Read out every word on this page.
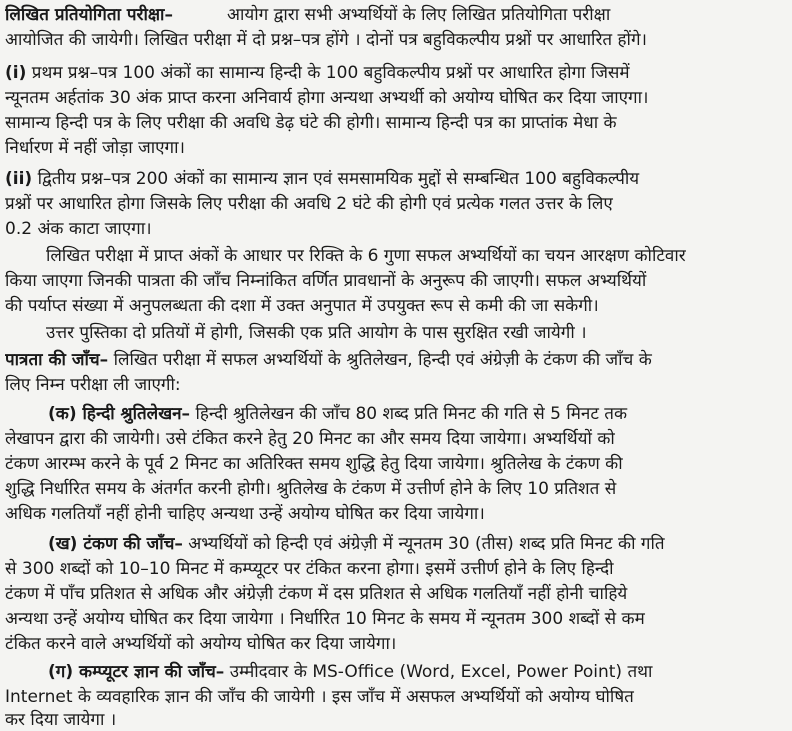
लिखित प्रतियोगिता परीक्षा–	आयोग द्वारा सभी अभ्यर्थियों के लिए लिखित प्रतियोगिता परीक्षा
आयोजित की जायेगी। लिखित परीक्षा में दो प्रश्न–पत्र होंगे । दोनों पत्र बहुविकल्पीय प्रश्नों पर आधारित होंगे।
(i) प्रथम प्रश्न–पत्र 100 अंकों का सामान्य हिन्दी के 100 बहुविकल्पीय प्रश्नों पर आधारित होगा जिसमें
न्यूनतम अर्हतांक 30 अंक प्राप्त करना अनिवार्य होगा अन्यथा अभ्यर्थी को अयोग्य घोषित कर दिया जाएगा।
सामान्य हिन्दी पत्र के लिए परीक्षा की अवधि डेढ़ घंटे की होगी। सामान्य हिन्दी पत्र का प्राप्तांक मेधा के
निर्धारण में नहीं जोड़ा जाएगा।
(ii) द्वितीय प्रश्न–पत्र 200 अंकों का सामान्य ज्ञान एवं समसामयिक मुद्दों से सम्बन्धित 100 बहुविकल्पीय
प्रश्नों पर आधारित होगा जिसके लिए परीक्षा की अवधि 2 घंटे की होगी एवं प्रत्येक गलत उत्तर के लिए
0.2 अंक काटा जाएगा।
लिखित परीक्षा में प्राप्त अंकों के आधार पर रिक्ति के 6 गुणा सफल अभ्यर्थियों का चयन आरक्षण कोटिवार
किया जाएगा जिनकी पात्रता की जाँच निम्नांकित वर्णित प्रावधानों के अनुरूप की जाएगी। सफल अभ्यर्थियों
की पर्याप्त संख्या में अनुपलब्धता की दशा में उक्त अनुपात में उपयुक्त रूप से कमी की जा सकेगी।
उत्तर पुस्तिका दो प्रतियों में होगी, जिसकी एक प्रति आयोग के पास सुरक्षित रखी जायेगी ।
पात्रता की जाँच– लिखित परीक्षा में सफल अभ्यर्थियों के श्रुतिलेखन, हिन्दी एवं अंग्रेज़ी के टंकण की जाँच के
लिए निम्न परीक्षा ली जाएगी:
(क) हिन्दी श्रुतिलेखन– हिन्दी श्रुतिलेखन की जाँच 80 शब्द प्रति मिनट की गति से 5 मिनट तक
लेखापन द्वारा की जायेगी। उसे टंकित करने हेतु 20 मिनट का और समय दिया जायेगा। अभ्यर्थियों को
टंकण आरम्भ करने के पूर्व 2 मिनट का अतिरिक्त समय शुद्धि हेतु दिया जायेगा। श्रुतिलेख के टंकण की
शुद्धि निर्धारित समय के अंतर्गत करनी होगी। श्रुतिलेख के टंकण में उत्तीर्ण होने के लिए 10 प्रतिशत से
अधिक गलतियाँ नहीं होनी चाहिए अन्यथा उन्हें अयोग्य घोषित कर दिया जायेगा।
(ख) टंकण की जाँच– अभ्यर्थियों को हिन्दी एवं अंग्रेज़ी में न्यूनतम 30 (तीस) शब्द प्रति मिनट की गति
से 300 शब्दों को 10–10 मिनट में कम्प्यूटर पर टंकित करना होगा। इसमें उत्तीर्ण होने के लिए हिन्दी
टंकण में पाँच प्रतिशत से अधिक और अंग्रेज़ी टंकण में दस प्रतिशत से अधिक गलतियाँ नहीं होनी चाहिये
अन्यथा उन्हें अयोग्य घोषित कर दिया जायेगा । निर्धारित 10 मिनट के समय में न्यूनतम 300 शब्दों से कम
टंकित करने वाले अभ्यर्थियों को अयोग्य घोषित कर दिया जायेगा।
(ग) कम्प्यूटर ज्ञान की जाँच– उम्मीदवार के MS-Office (Word, Excel, Power Point) तथा
Internet के व्यवहारिक ज्ञान की जाँच की जायेगी । इस जाँच में असफल अभ्यर्थियों को अयोग्य घोषित
कर दिया जायेगा ।
